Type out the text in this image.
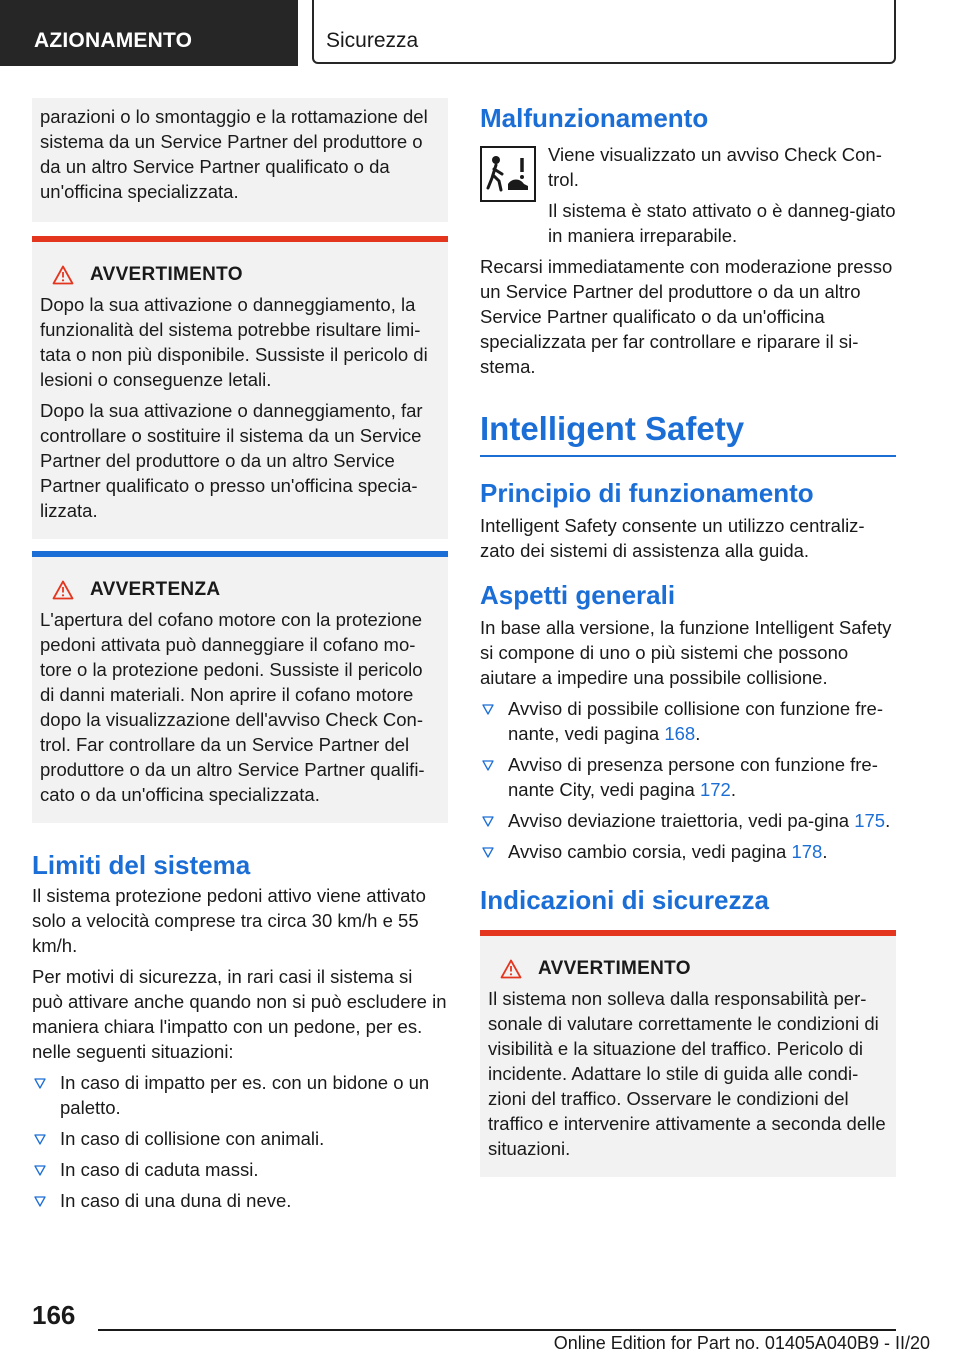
AZIONAMENTO	Sicurezza

parazioni o lo smontaggio e la rottamazione del sistema da un Service Partner del produttore o da un altro Service Partner qualificato o da un'officina specializzata.

AVVERTIMENTO

Dopo la sua attivazione o danneggiamento, la funzionalità del sistema potrebbe risultare limi-tata o non più disponibile. Sussiste il pericolo di lesioni o conseguenze letali.

Dopo la sua attivazione o danneggiamento, far controllare o sostituire il sistema da un Service Partner del produttore o da un altro Service Partner qualificato o presso un'officina specia-lizzata.

AVVERTENZA

L'apertura del cofano motore con la protezione pedoni attivata può danneggiare il cofano mo-tore o la protezione pedoni. Sussiste il pericolo di danni materiali. Non aprire il cofano motore dopo la visualizzazione dell'avviso Check Con-trol. Far controllare da un Service Partner del produttore o da un altro Service Partner qualifi-cato o da un'officina specializzata.

Limiti del sistema

Il sistema protezione pedoni attivo viene attivato solo a velocità comprese tra circa 30 km/h e 55 km/h.

Per motivi di sicurezza, in rari casi il sistema si può attivare anche quando non si può escludere in maniera chiara l'impatto con un pedone, per es. nelle seguenti situazioni:

In caso di impatto per es. con un bidone o un paletto.
In caso di collisione con animali.
In caso di caduta massi.
In caso di una duna di neve.
Malfunzionamento

Viene visualizzato un avviso Check Con-trol.

Il sistema è stato attivato o è danneg-giato in maniera irreparabile.

Recarsi immediatamente con moderazione presso un Service Partner del produttore o da un altro Service Partner qualificato o da un'officina specializzata per far controllare e riparare il si-stema.

Intelligent Safety
Principio di funzionamento

Intelligent Safety consente un utilizzo centraliz-zato dei sistemi di assistenza alla guida.

Aspetti generali

In base alla versione, la funzione Intelligent Safety si compone di uno o più sistemi che possono aiutare a impedire una possibile collisione.

Avviso di possibile collisione con funzione fre-nante, vedi pagina 168.
Avviso di presenza persone con funzione fre-nante City, vedi pagina 172.
Avviso deviazione traiettoria, vedi pa-gina 175.
Avviso cambio corsia, vedi pagina 178.
Indicazioni di sicurezza
AVVERTIMENTO

Il sistema non solleva dalla responsabilità per-sonale di valutare correttamente le condizioni di visibilità e la situazione del traffico. Pericolo di incidente. Adattare lo stile di guida alle condi-zioni del traffico. Osservare le condizioni del traffico e intervenire attivamente a seconda delle situazioni.

166
Online Edition for Part no. 01405A040B9 - II/20
